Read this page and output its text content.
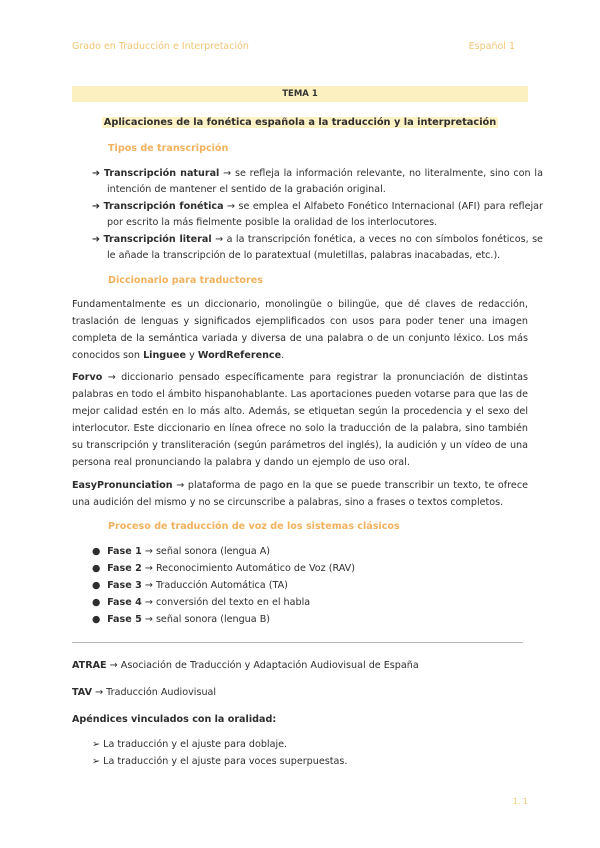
Grado en Traducción e Interpretación	Español 1
TEMA 1
Aplicaciones de la fonética española a la traducción y la interpretación
Tipos de transcripción
➔ Transcripción natural → se refleja la información relevante, no literalmente, sino con la intención de mantener el sentido de la grabación original.
➔ Transcripción fonética → se emplea el Alfabeto Fonético Internacional (AFI) para reflejar por escrito la más fielmente posible la oralidad de los interlocutores.
➔ Transcripción literal → a la transcripción fonética, a veces no con símbolos fonéticos, se le añade la transcripción de lo paratextual (muletillas, palabras inacabadas, etc.).
Diccionario para traductores
Fundamentalmente es un diccionario, monolingüe o bilingüe, que dé claves de redacción, traslación de lenguas y significados ejemplificados con usos para poder tener una imagen completa de la semántica variada y diversa de una palabra o de un conjunto léxico. Los más conocidos son Linguee y WordReference.
Forvo → diccionario pensado específicamente para registrar la pronunciación de distintas palabras en todo el ámbito hispanohablante. Las aportaciones pueden votarse para que las de mejor calidad estén en lo más alto. Además, se etiquetan según la procedencia y el sexo del interlocutor. Este diccionario en línea ofrece no solo la traducción de la palabra, sino también su transcripción y transliteración (según parámetros del inglés), la audición y un vídeo de una persona real pronunciando la palabra y dando un ejemplo de uso oral.
EasyPronunciation → plataforma de pago en la que se puede transcribir un texto, te ofrece una audición del mismo y no se circunscribe a palabras, sino a frases o textos completos.
Proceso de traducción de voz de los sistemas clásicos
● Fase 1 → señal sonora (lengua A)
● Fase 2 → Reconocimiento Automático de Voz (RAV)
● Fase 3 → Traducción Automática (TA)
● Fase 4 → conversión del texto en el habla
● Fase 5 → señal sonora (lengua B)
ATRAE → Asociación de Traducción y Adaptación Audiovisual de España
TAV → Traducción Audiovisual
Apéndices vinculados con la oralidad:
➢ La traducción y el ajuste para doblaje.
➢ La traducción y el ajuste para voces superpuestas.
1. 1
